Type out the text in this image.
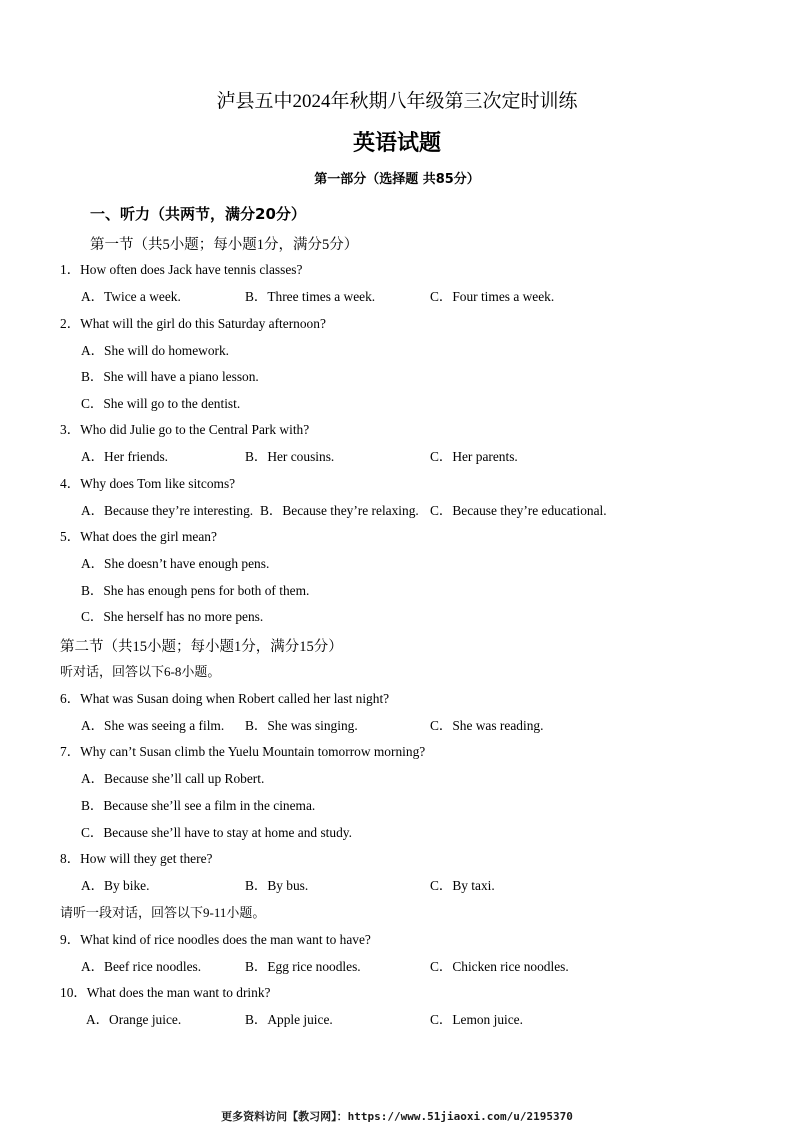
泸县五中2024年秋期八年级第三次定时训练
英语试题
第一部分（选择题 共85分）
一、听力（共两节，满分20分）
第一节（共5小题；每小题1分，满分5分）
1．How often does Jack have tennis classes?
A．Twice a week.	B．Three times a week.	C．Four times a week.
2．What will the girl do this Saturday afternoon?
A．She will do homework.
B．She will have a piano lesson.
C．She will go to the dentist.
3．Who did Julie go to the Central Park with?
A．Her friends.	B．Her cousins.	C．Her parents.
4．Why does Tom like sitcoms?
A．Because they’re interesting. B．Because they’re relaxing. C．Because they’re educational.
5．What does the girl mean?
A．She doesn’t have enough pens.
B．She has enough pens for both of them.
C．She herself has no more pens.
第二节（共15小题；每小题1分，满分15分）
听对话，回答以下6-8小题。
6．What was Susan doing when Robert called her last night?
A．She was seeing a film. B．She was singing.	C．She was reading.
7．Why can’t Susan climb the Yuelu Mountain tomorrow morning?
A．Because she’ll call up Robert.
B．Because she’ll see a film in the cinema.
C．Because she’ll have to stay at home and study.
8．How will they get there?
A．By bike.	B．By bus.	C．By taxi.
请听一段对话，回答以下9-11小题。
9．What kind of rice noodles does the man want to have?
A．Beef rice noodles.	B．Egg rice noodles.	C．Chicken rice noodles.
10．What does the man want to drink?
A．Orange juice.	B．Apple juice.	C．Lemon juice.
更多资料访问【教习网】：https://www.51jiaoxi.com/u/2195370
